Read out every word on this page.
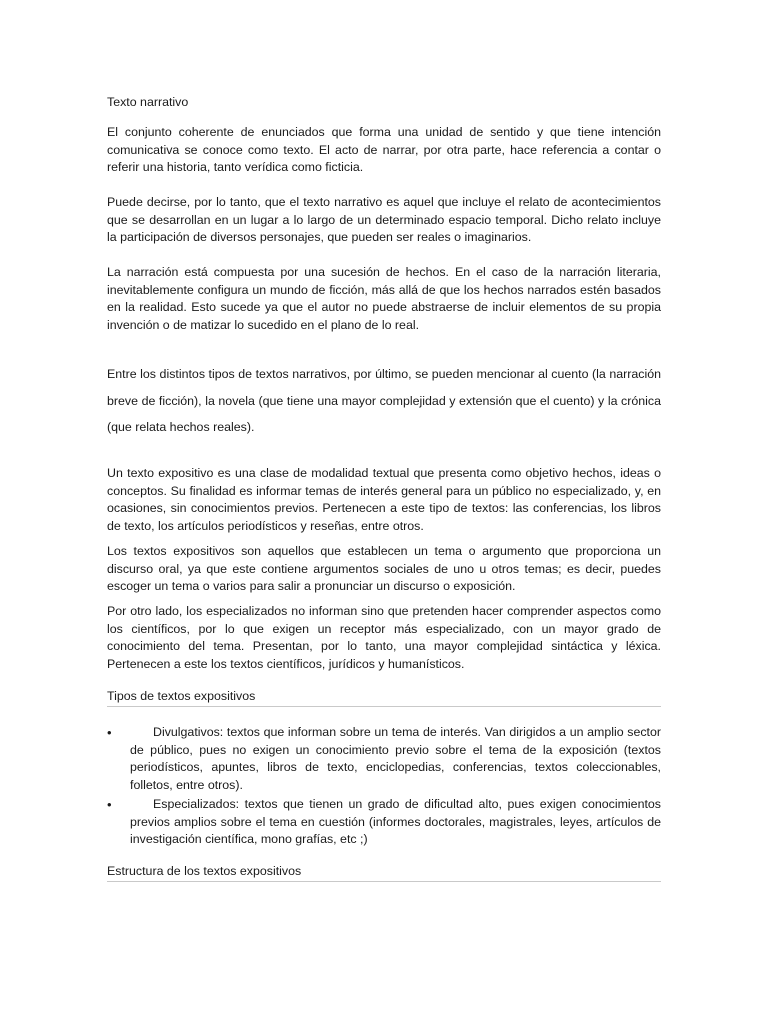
Texto narrativo

El conjunto coherente de enunciados que forma una unidad de sentido y que tiene intención comunicativa se conoce como texto. El acto de narrar, por otra parte, hace referencia a contar o referir una historia, tanto verídica como ficticia.

Puede decirse, por lo tanto, que el texto narrativo es aquel que incluye el relato de acontecimientos que se desarrollan en un lugar a lo largo de un determinado espacio temporal. Dicho relato incluye la participación de diversos personajes, que pueden ser reales o imaginarios.

La narración está compuesta por una sucesión de hechos. En el caso de la narración literaria, inevitablemente configura un mundo de ficción, más allá de que los hechos narrados estén basados en la realidad. Esto sucede ya que el autor no puede abstraerse de incluir elementos de su propia invención o de matizar lo sucedido en el plano de lo real.

Entre los distintos tipos de textos narrativos, por último, se pueden mencionar al cuento (la narración breve de ficción), la novela (que tiene una mayor complejidad y extensión que el cuento) y la crónica (que relata hechos reales).

Un texto expositivo es una clase de modalidad textual que presenta como objetivo hechos, ideas o conceptos. Su finalidad es informar temas de interés general para un público no especializado, y, en ocasiones, sin conocimientos previos. Pertenecen a este tipo de textos: las conferencias, los libros de texto, los artículos periodísticos y reseñas, entre otros.

Los textos expositivos son aquellos que establecen un tema o argumento que proporciona un discurso oral, ya que este contiene argumentos sociales de uno u otros temas; es decir, puedes escoger un tema o varios para salir a pronunciar un discurso o exposición.

Por otro lado, los especializados no informan sino que pretenden hacer comprender aspectos como los científicos, por lo que exigen un receptor más especializado, con un mayor grado de conocimiento del tema. Presentan, por lo tanto, una mayor complejidad sintáctica y léxica. Pertenecen a este los textos científicos, jurídicos y humanísticos.

Tipos de textos expositivos
•	Divulgativos: textos que informan sobre un tema de interés. Van dirigidos a un amplio sector de público, pues no exigen un conocimiento previo sobre el tema de la exposición (textos periodísticos, apuntes, libros de texto, enciclopedias, conferencias, textos coleccionables, folletos, entre otros).

•	Especializados: textos que tienen un grado de dificultad alto, pues exigen conocimientos previos amplios sobre el tema en cuestión (informes doctorales, magistrales, leyes, artículos de investigación científica, mono grafías, etc ;)

Estructura de los textos expositivos
